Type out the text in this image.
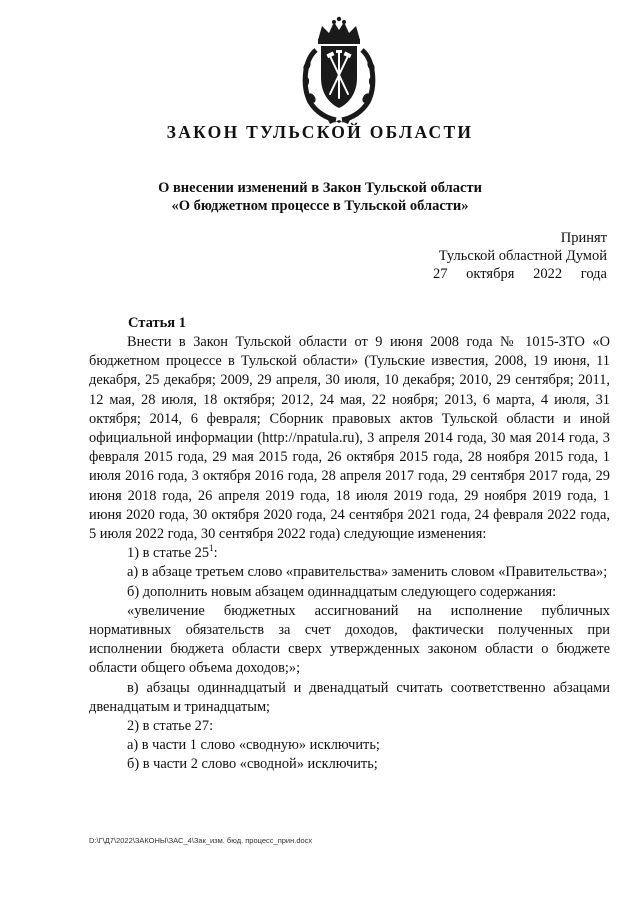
ЗАКОН ТУЛЬСКОЙ ОБЛАСТИ
О внесении изменений в Закон Тульской области
«О бюджетном процессе в Тульской области»
Принят
Тульской областной Думой
27 октября 2022 года
Статья 1

Внести в Закон Тульской области от 9 июня 2008 года № 1015-ЗТО «О бюджетном процессе в Тульской области» (Тульские известия, 2008, 19 июня, 11 декабря, 25 декабря; 2009, 29 апреля, 30 июля, 10 декабря; 2010, 29 сентября; 2011, 12 мая, 28 июля, 18 октября; 2012, 24 мая, 22 ноября; 2013, 6 марта, 4 июля, 31 октября; 2014, 6 февраля; Сборник правовых актов Тульской области и иной официальной информации (http://npatula.ru), 3 апреля 2014 года, 30 мая 2014 года, 3 февраля 2015 года, 29 мая 2015 года, 26 октября 2015 года, 28 ноября 2015 года, 1 июля 2016 года, 3 октября 2016 года, 28 апреля 2017 года, 29 сентября 2017 года, 29 июня 2018 года, 26 апреля 2019 года, 18 июля 2019 года, 29 ноября 2019 года, 1 июня 2020 года, 30 октября 2020 года, 24 сентября 2021 года, 24 февраля 2022 года, 5 июля 2022 года, 30 сентября 2022 года) следующие изменения:

1) в статье $25^1$:

а) в абзаце третьем слово «правительства» заменить словом «Правительства»;

б) дополнить новым абзацем одиннадцатым следующего содержания:

«увеличение бюджетных ассигнований на исполнение публичных нормативных обязательств за счет доходов, фактически полученных при исполнении бюджета области сверх утвержденных законом области о бюджете области общего объема доходов;»;

в) абзацы одиннадцатый и двенадцатый считать соответственно абзацами двенадцатым и тринадцатым;

2) в статье 27:

а) в части 1 слово «сводную» исключить;

б) в части 2 слово «сводной» исключить;

D:\Г\Д7\2022\ЗАКОНЫ\ЗАС_4\Зак_изм. бюд. процесс_прин.docx
